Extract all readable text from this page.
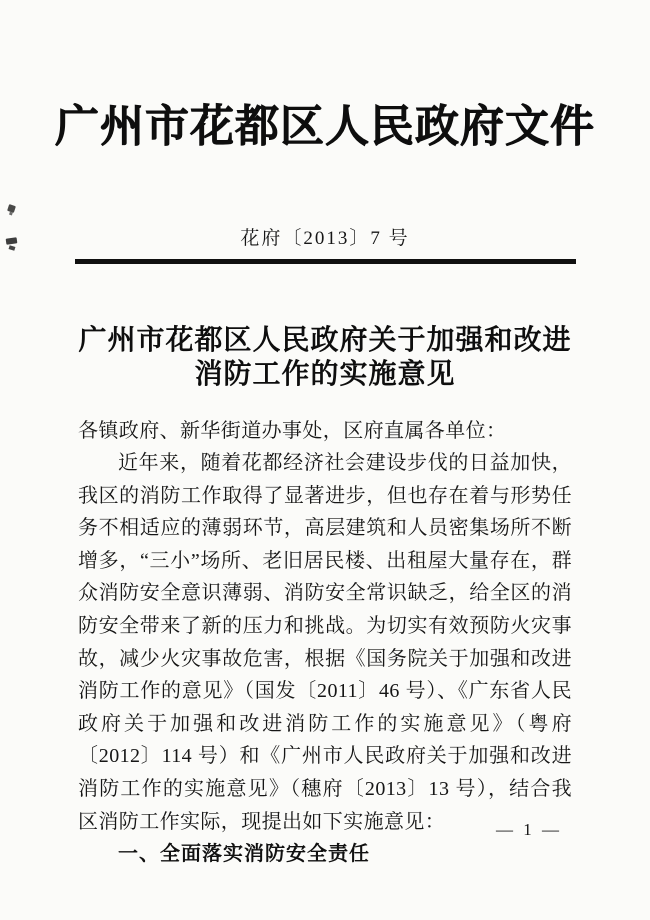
广州市花都区人民政府文件
花府〔2013〕7 号
广州市花都区人民政府关于加强和改进
消防工作的实施意见

各镇政府、新华街道办事处，区府直属各单位：

近年来，随着花都经济社会建设步伐的日益加快，我区的消防工作取得了显著进步，但也存在着与形势任务不相适应的薄弱环节，高层建筑和人员密集场所不断增多，“三小”场所、老旧居民楼、出租屋大量存在，群众消防安全意识薄弱、消防安全常识缺乏，给全区的消防安全带来了新的压力和挑战。为切实有效预防火灾事故，减少火灾事故危害，根据《国务院关于加强和改进消防工作的意见》（国发〔2011〕46 号）、《广东省人民政府关于加强和改进消防工作的实施意见》（粤府〔2012〕114 号）和《广州市人民政府关于加强和改进消防工作的实施意见》（穗府〔2013〕13 号），结合我区消防工作实际，现提出如下实施意见：

一、全面落实消防安全责任

— 1 —
